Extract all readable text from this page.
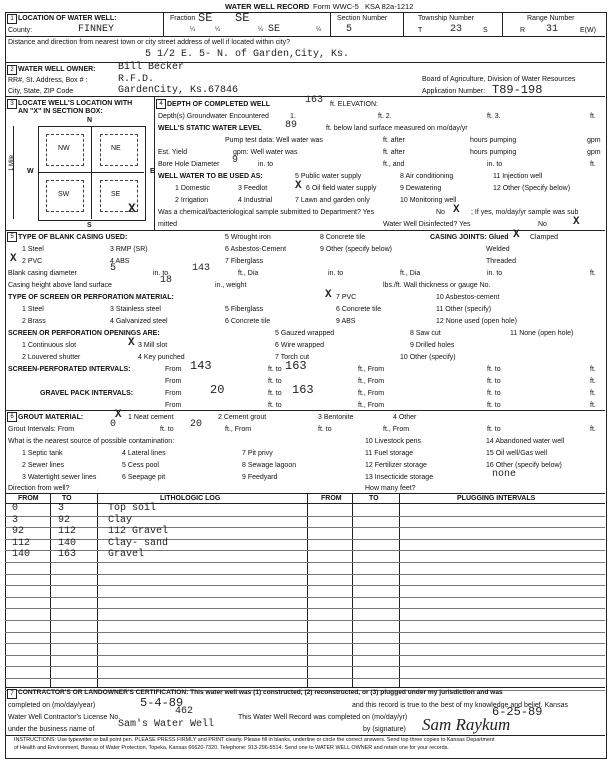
WATER WELL RECORD Form WWC-5 KSA 82a-1212
1 LOCATION OF WATER WELL:
County:	FINNEY
Fraction SE SE
¼	¼	¼ SE	¼
Section Number
5
Township Number
T	23	S
Range Number
R 31	E(W)
Distance and direction from nearest town or city street address of well if located within city?
5 1/2 E. 5- N. of Garden,City, Ks.
2 WATER WELL OWNER: Bill Becker
RR#, St. Address, Box # :	R.F.D.
City, State, ZIP Code	GardenCity, Ks.67846
Board of Agriculture, Division of Water Resources
Application Number: T89-198
3 LOCATE WELL'S LOCATION WITH
AN "X" IN SECTION BOX:
N
S
W	E
NW	NE
SW	SE
X
1 Mile
4 DEPTH OF COMPLETED WELL	163 ft. ELEVATION:
Depth(s) Groundwater Encountered	1.	ft. 2.	ft. 3.	ft.
WELL'S STATIC WATER LEVEL 89	ft. below land surface measured on mo/day/yr
Pump test data: Well water was	ft. after	hours pumping	gpm
Est. Yield	gpm: Well water was	ft. after	hours pumping	gpm
Bore Hole Diameter 9	in. to	ft., and	in. to	ft.
WELL WATER TO BE USED AS:	5 Public water supply	8 Air conditioning	11 Injection well
1 Domestic	3 Feedlot	X 6 Oil field water supply	9 Dewatering	12 Other (Specify below)
2 Irrigation	4 Industrial	7 Lawn and garden only	10 Monitoring well
Was a chemical/bacteriological sample submitted to Department? Yes	No X ; If yes, mo/day/yr sample was sub
mitted	Water Well Disinfected? Yes	No X
5 TYPE OF BLANK CASING USED:	5 Wrought iron	8 Concrete tile	CASING JOINTS: Glued X Clamped
1 Steel	3 RMP (SR)	6 Asbestos-Cement	9 Other (specify below)	Welded
X 2 PVC	4 ABS	7 Fiberglass	Threaded
Blank casing diameter	5	in. to 143	ft., Dia	in. to	ft., Dia	in. to	ft.
Casing height above land surface	18	in., weight	lbs./ft. Wall thickness or gauge No.
TYPE OF SCREEN OR PERFORATION MATERIAL:	X 7 PVC	10 Asbestos-cement
1 Steel	3 Stainless steel	5 Fiberglass	6 Concrete tile	11 Other (specify)
2 Brass	4 Galvanized steel	6 Concrete tile	9 ABS	12 None used (open hole)
SCREEN OR PERFORATION OPENINGS ARE:	5 Gauzed wrapped	8 Saw cut	11 None (open hole)
1 Continuous slot	X 3 Mill slot	6 Wire wrapped	9 Drilled holes
2 Louvered shutter	4 Key punched	7 Torch cut	10 Other (specify)
SCREEN-PERFORATED INTERVALS:	From 143	ft. to 163	ft., From	ft. to	ft.
From	ft. to	ft., From	ft. to	ft.
GRAVEL PACK INTERVALS:	From 20	ft. to 163	ft., From	ft. to	ft.
From	ft. to	ft., From	ft. to	ft.
6 GROUT MATERIAL:	X 1 Neat cement	2 Cement grout	3 Bentonite	4 Other
Grout Intervals: From	0	ft. to 20	ft., From	ft. to	ft., From	ft. to	ft.
What is the nearest source of possible contamination:	10 Livestock pens	14 Abandoned water well
1 Septic tank	4 Lateral lines	7 Pit privy	11 Fuel storage	15 Oil well/Gas well
2 Sewer lines	5 Cess pool	8 Sewage lagoon	12 Fertilizer storage	16 Other (specify below)
3 Watertight sewer lines	6 Seepage pit	9 Feedyard	13 Insecticide storage	none
Direction from well?	How many feet?
FROM	TO	LITHOLOGIC LOG	FROM	TO	PLUGGING INTERVALS
0	3	Top soil
3	92	Clay
92	112	112 Gravel
112	140	Clay- sand
140	163	Gravel
7 CONTRACTOR'S OR LANDOWNER'S CERTIFICATION: This water well was (1) constructed, (2) reconstructed, or (3) plugged under my jurisdiction and was
completed on (mo/day/year)	5-4-89	and this record is true to the best of my knowledge and belief. Kansas
Water Well Contractor's License No.
462
This Water Well Record was completed on (mo/day/yr)	6-25-89
under the business name of Sam's Water Well	by (signature) Sam Raykum
INSTRUCTIONS: Use typewriter or ball point pen. PLEASE PRESS FIRMLY and PRINT clearly. Please fill in blanks, underline or circle the correct answers. Send top three copies to Kansas Department
of Health and Environment, Bureau of Water Protection, Topeka, Kansas 66620-7320. Telephone: 913-296-5514. Send one to WATER WELL OWNER and retain one for your records.
